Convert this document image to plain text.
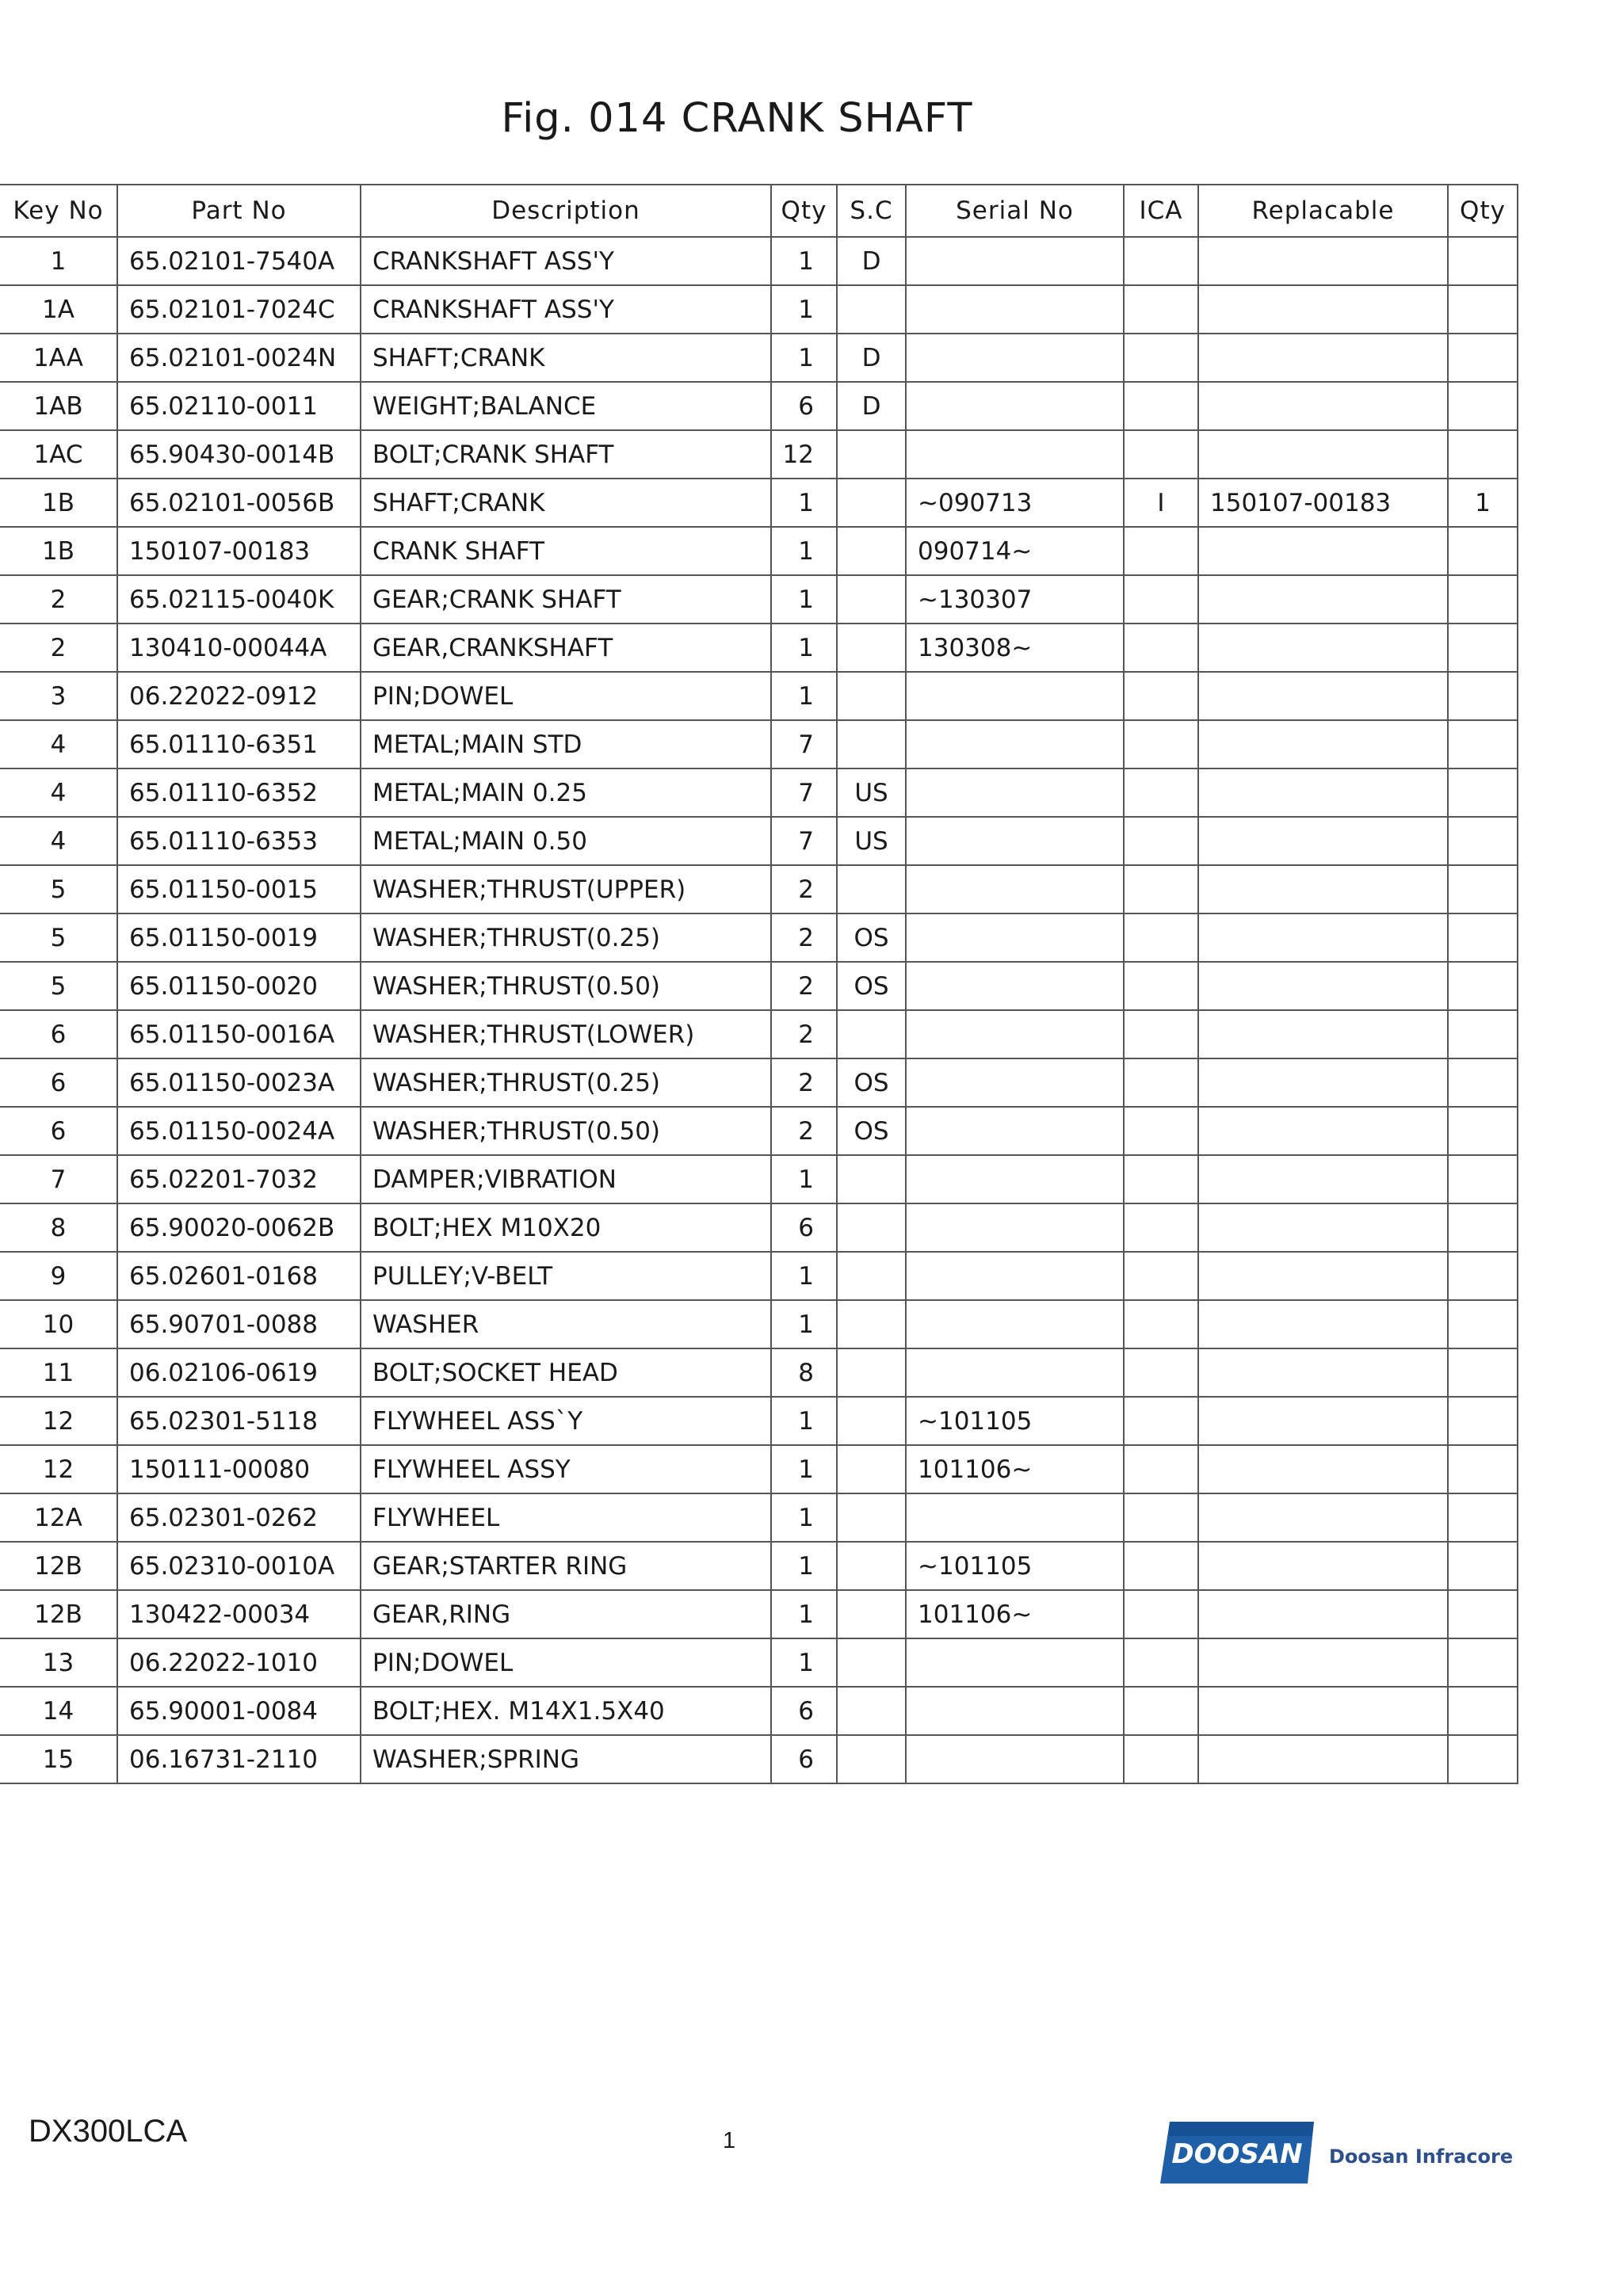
Fig. 014 CRANK SHAFT
Key No	Part No	Description	Qty	S.C	Serial No	ICA	Replacable	Qty
1	65.02101-7540A	CRANKSHAFT ASS'Y	1	D				
1A	65.02101-7024C	CRANKSHAFT ASS'Y	1					
1AA	65.02101-0024N	SHAFT;CRANK	1	D				
1AB	65.02110-0011	WEIGHT;BALANCE	6	D				
1AC	65.90430-0014B	BOLT;CRANK SHAFT	12					
1B	65.02101-0056B	SHAFT;CRANK	1		~090713	I	150107-00183	1
1B	150107-00183	CRANK SHAFT	1		090714~			
2	65.02115-0040K	GEAR;CRANK SHAFT	1		~130307			
2	130410-00044A	GEAR,CRANKSHAFT	1		130308~			
3	06.22022-0912	PIN;DOWEL	1					
4	65.01110-6351	METAL;MAIN STD	7					
4	65.01110-6352	METAL;MAIN 0.25	7	US				
4	65.01110-6353	METAL;MAIN 0.50	7	US				
5	65.01150-0015	WASHER;THRUST(UPPER)	2					
5	65.01150-0019	WASHER;THRUST(0.25)	2	OS				
5	65.01150-0020	WASHER;THRUST(0.50)	2	OS				
6	65.01150-0016A	WASHER;THRUST(LOWER)	2					
6	65.01150-0023A	WASHER;THRUST(0.25)	2	OS				
6	65.01150-0024A	WASHER;THRUST(0.50)	2	OS				
7	65.02201-7032	DAMPER;VIBRATION	1					
8	65.90020-0062B	BOLT;HEX M10X20	6					
9	65.02601-0168	PULLEY;V-BELT	1					
10	65.90701-0088	WASHER	1					
11	06.02106-0619	BOLT;SOCKET HEAD	8					
12	65.02301-5118	FLYWHEEL ASS`Y	1		~101105			
12	150111-00080	FLYWHEEL ASSY	1		101106~			
12A	65.02301-0262	FLYWHEEL	1					
12B	65.02310-0010A	GEAR;STARTER RING	1		~101105			
12B	130422-00034	GEAR,RING	1		101106~			
13	06.22022-1010	PIN;DOWEL	1					
14	65.90001-0084	BOLT;HEX. M14X1.5X40	6					
15	06.16731-2110	WASHER;SPRING	6					
DX300LCA	1	DOOSAN Doosan Infracore
